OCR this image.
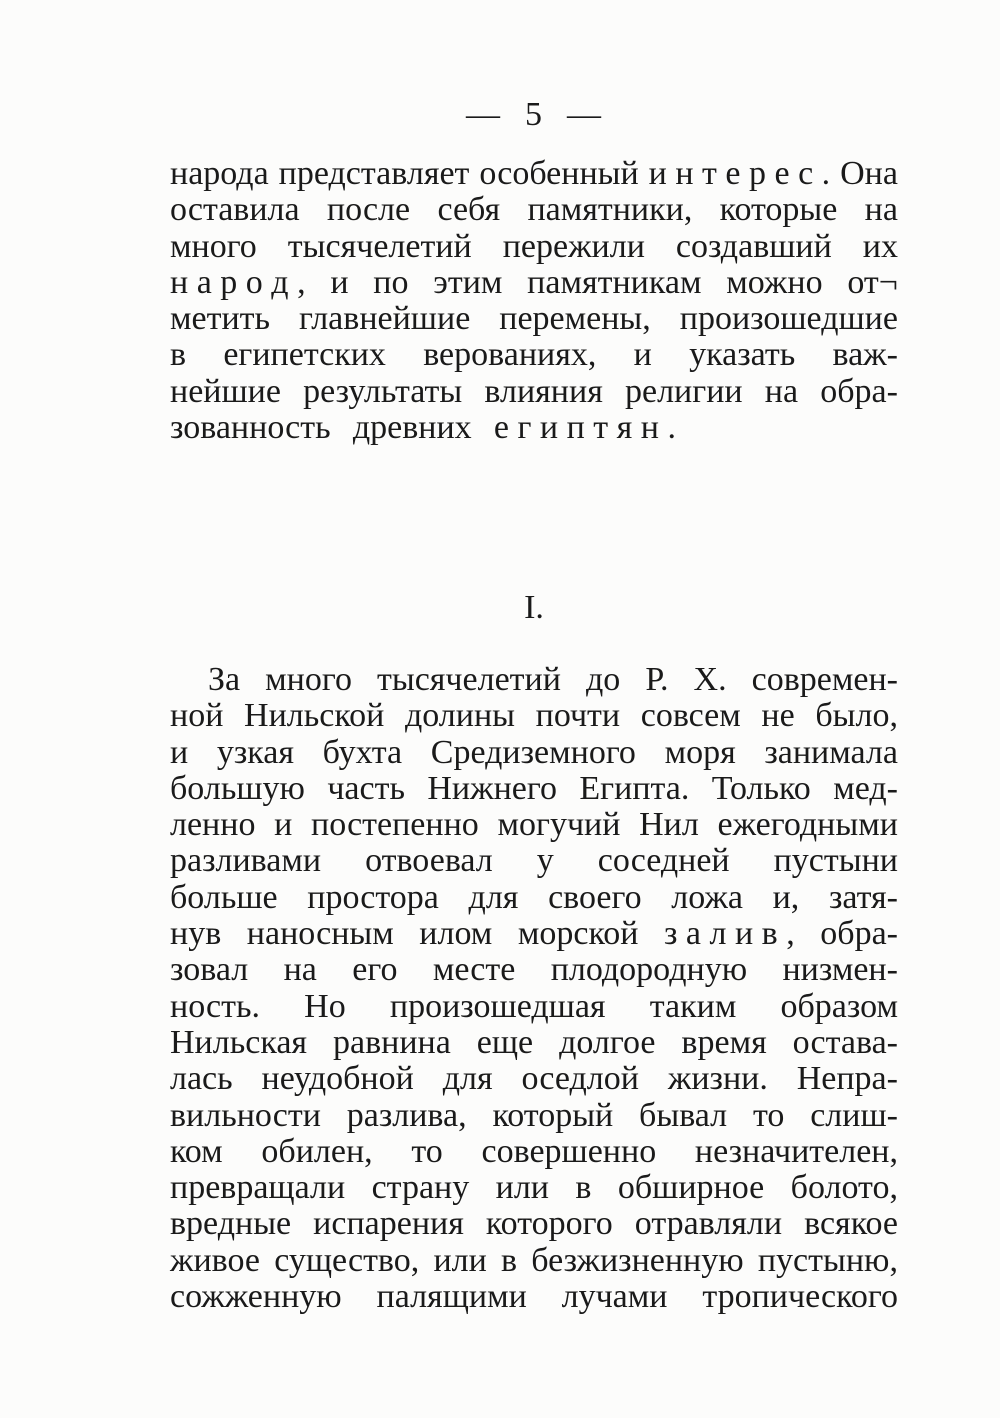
— 5 —
народа представляет особенный и н т е р е с . Она
оставила после себя памятники, которые на
много тысячелетий пережили создавший их
н а р о д , и по этим памятникам можно от¬
метить главнейшие перемены, произошедшие
в египетских верованиях, и указать важ-
нейшие результаты влияния религии на обра-
зованность древних е г и п т я н .
I.
За много тысячелетий до Р. Х. современ-
ной Нильской долины почти совсем не было,
и узкая бухта Средиземного моря занимала
большую часть Нижнего Египта. Только мед-
ленно и постепенно могучий Нил ежегодными
разливами отвоевал у соседней пустыни
больше простора для своего ложа и, затя-
нув наносным илом морской з а л и в , обра-
зовал на его месте плодородную низмен-
ность. Но произошедшая таким образом
Нильская равнина еще долгое время остава-
лась неудобной для оседлой жизни. Непра-
вильности разлива, который бывал то слиш-
ком обилен, то совершенно незначителен,
превращали страну или в обширное болото,
вредные испарения которого отравляли всякое
живое существо, или в безжизненную пустыню,
сожженную палящими лучами тропического
